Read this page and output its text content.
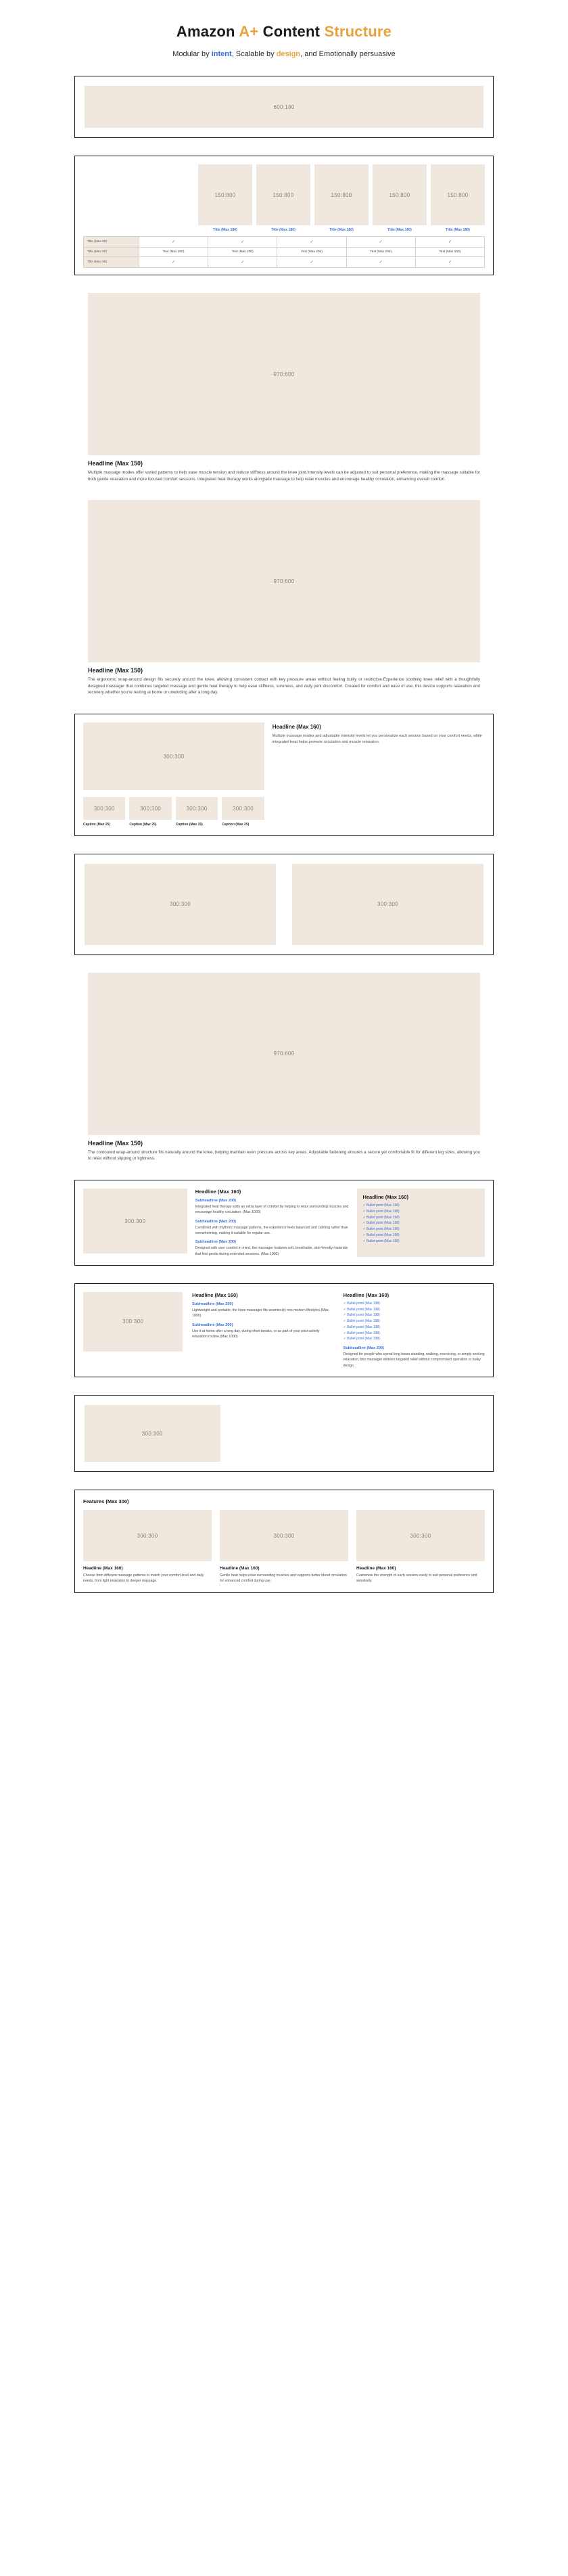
Amazon A+ Content Structure
Modular by intent, Scalable by design, and Emotionally persuasive
600:180
150:800
Title (Max 180)
150:800
Title (Max 180)
150:800
Title (Max 180)
150:800
Title (Max 180)
150:800
Title (Max 180)
Title (Max 80)	✓	✓	✓	✓	✓
Title (Max 80)	Text (Max 200)	Text (Max 200)	Text (Max 200)	Text (Max 200)	Text (Max 200)
Title (Max 80)	✓	✓	✓	✓	✓
970:600
Headline (Max 150)
Multiple massage modes offer varied patterns to help ease muscle tension and reduce stiffness around the knee joint.Intensity levels can be adjusted to suit personal preference, making the massage suitable for both gentle relaxation and more focused comfort sessions. Integrated heat therapy works alongside massage to help relax muscles and encourage healthy circulation, enhancing overall comfort.
970:600
Headline (Max 150)
The ergonomic wrap-around design fits securely around the knee, allowing consistent contact with key pressure areas without feeling bulky or restrictive.Experience soothing knee relief with a thoughtfully designed massager that combines targeted massage and gentle heat therapy to help ease stiffness, soreness, and daily joint discomfort. Created for comfort and ease of use, this device supports relaxation and recovery whether you're resting at home or unwinding after a long day.
300:300
300:300
Caption (Max 25)
300:300
Caption (Max 25)
300:300
Caption (Max 25)
300:300
Caption (Max 25)
Headline (Max 160)
Multiple massage modes and adjustable intensity levels let you personalize each session based on your comfort needs, while integrated heat helps promote circulation and muscle relaxation.
300:300	300:300
970:600
Headline (Max 150)
The contoured wrap-around structure fits naturally around the knee, helping maintain even pressure across key areas. Adjustable fastening ensures a secure yet comfortable fit for different leg sizes, allowing you to relax without slipping or tightness.
300:300
Headline (Max 160)
Subheadline (Max 200)
Integrated heat therapy adds an extra layer of comfort by helping to relax surrounding muscles and encourage healthy circulation. (Max 1000)
Subheadline (Max 200)
Combined with rhythmic massage patterns, the experience feels balanced and calming rather than overwhelming, making it suitable for regular use.
Subheadline (Max 200)
Designed with user comfort in mind, the massager features soft, breathable, skin-friendly materials that feel gentle during extended sessions. (Max 1000)
Headline (Max 160)
✓ Bullet point (Max 198)
✓ Bullet point (Max 198)
✓ Bullet point (Max 198)
✓ Bullet point (Max 198)
✓ Bullet point (Max 198)
✓ Bullet point (Max 198)
✓ Bullet point (Max 198)
300:300
Headline (Max 160)
Subheadline (Max 200)
Lightweight and portable, the knee massager fits seamlessly into modern lifestyles.(Max 1000)
Subheadline (Max 200)
Use it at home after a long day, during short breaks, or as part of your post-activity relaxation routine.(Max 1000)
Headline (Max 160)
✓ Bullet point (Max 198)
✓ Bullet point (Max 198)
✓ Bullet point (Max 198)
✓ Bullet point (Max 198)
✓ Bullet point (Max 198)
✓ Bullet point (Max 198)
✓ Bullet point (Max 198)
Subheadline (Max 200)
Designed for people who spend long hours standing, walking, exercising, or simply seeking relaxation, this massager delivers targeted relief without compromised operation or bulky design.
300:300
Features (Max 300)
300:300
Headline (Max 160)
Choose from different massage patterns to match your comfort level and daily needs, from light relaxation to deeper massage.
300:300
Headline (Max 160)
Gentle heat helps relax surrounding muscles and supports better blood circulation for enhanced comfort during use.
300:300
Headline (Max 160)
Customize the strength of each session easily to suit personal preference and sensitivity.
